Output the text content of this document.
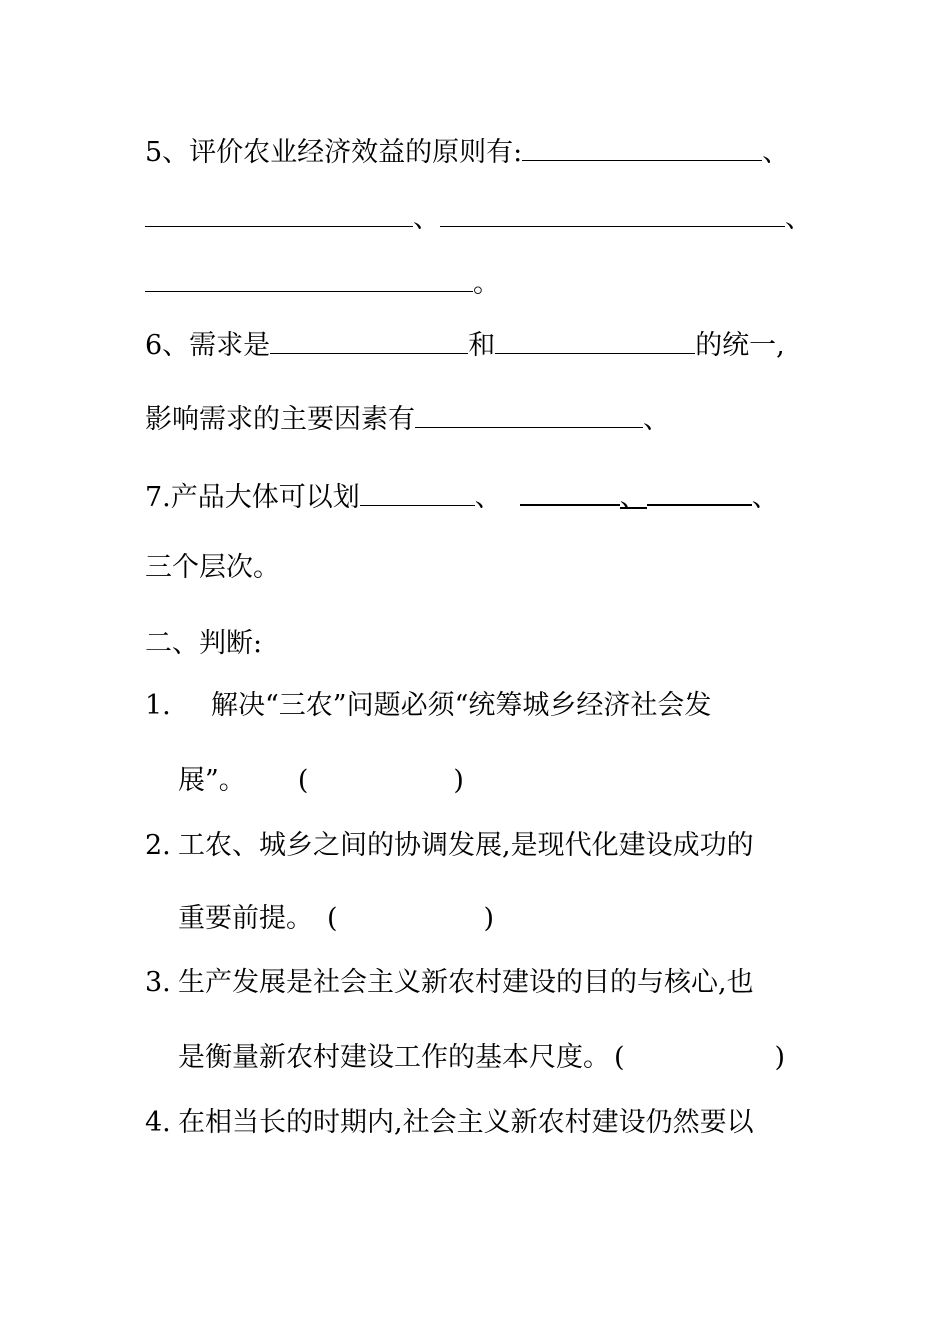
5、评价农业经济效益的原则有:	、
、	、
。
6、需求是	和	的统一,
影响需求的主要因素有	、
7.产品大体可以划	、	、	、
三个层次。
二、判断:
1. 解决“三农”问题必须“统筹城乡经济社会发
展”。 (	)
2. 工农、城乡之间的协调发展,是现代化建设成功的
重要前提。 (	)
3. 生产发展是社会主义新农村建设的目的与核心,也
是衡量新农村建设工作的基本尺度。 (	)
4. 在相当长的时期内,社会主义新农村建设仍然要以
